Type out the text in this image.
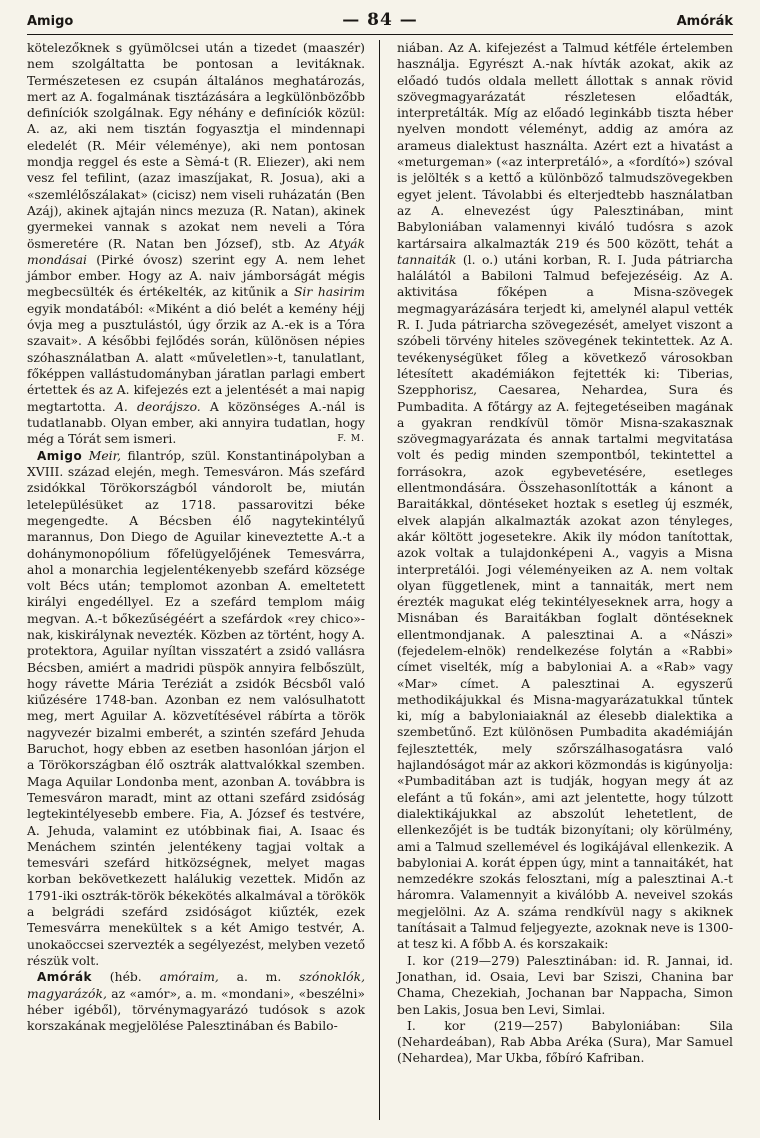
Amigo	— 84 —	Amórák

kötelezőknek s gyümölcsei után a tizedet (maaszér) nem szolgáltatta be pontosan a levitáknak. Természetesen ez csupán általános meghatározás, mert az A. fogalmának tisztázására a legkülönbözőbb definíciók szolgálnak. Egy néhány e definíciók közül: A. az, aki nem tisztán fogyasztja el mindennapi eledelét (R. Méir véleménye), aki nem pontosan mondja reggel és este a Sèmá-t (R. Eliezer), aki nem vesz fel tefilint, (azaz imaszíjakat, R. Josua), aki a «szemlélőszálakat» (cicisz) nem viseli ruházatán (Ben Azáj), akinek ajtaján nincs mezuza (R. Natan), akinek gyermekei vannak s azokat nem neveli a Tóra ösmeretére (R. Natan ben József), stb. Az Atyák mondásai (Pirké óvosz) szerint egy A. nem lehet jámbor ember. Hogy az A. naiv jámborságát mégis megbecsülték és értékelték, az kitűnik a Sir hasirim egyik mondatából: «Miként a dió belét a kemény héjj óvja meg a pusztulástól, úgy őrzik az A.-ek is a Tóra szavait». A későbbi fejlődés során, különösen népies szóhasználatban A. alatt «műveletlen»-t, tanulatlant, főképpen vallástudományban járatlan parlagi embert értettek és az A. kifejezés ezt a jelentését a mai napig megtartotta. A. deorájszo. A közönséges A.-nál is tudatlanabb. Olyan ember, aki annyira tudatlan, hogy még a Tórát sem ismeri.	F. M.

Amigo Meir, filantróp, szül. Konstantinápolyban a XVIII. század elején, megh. Temesváron. Más szefárd zsidókkal Törökországból vándorolt be, miután letelepülésüket az 1718. passarovitzi béke megengedte. A Bécsben élő nagytekintélyű marannus, Don Diego de Aguilar kineveztette A.-t a dohánymonopólium főfelügyelőjének Temesvárra, ahol a monarchia legjelentékenyebb szefárd községe volt Bécs után; templomot azonban A. emeltetett királyi engedéllyel. Ez a szefárd templom máig megvan. A.-t bőkezűségéért a szefárdok «rey chico»-nak, kiskirálynak nevezték. Közben az történt, hogy A. protektora, Aguilar nyíltan visszatért a zsidó vallásra Bécsben, amiért a madridi püspök annyira felbőszült, hogy rávette Mária Teréziát a zsidók Bécsből való kiűzésére 1748-ban. Azonban ez nem valósulhatott meg, mert Aguilar A. közvetítésével rábírta a török nagyvezér bizalmi emberét, a szintén szefárd Jehuda Baruchot, hogy ebben az esetben hasonlóan járjon el a Törökországban élő osztrák alattvalókkal szemben. Maga Aquilar Londonba ment, azonban A. továbbra is Temesváron maradt, mint az ottani szefárd zsidóság legtekintélyesebb embere. Fia, A. József és testvére, A. Jehuda, valamint ez utóbbinak fiai, A. Isaac és Menáchem szintén jelentékeny tagjai voltak a temesvári szefárd hitközségnek, melyet magas korban bekövetkezett halálukig vezettek. Midőn az 1791-iki osztrák-török békekötés alkalmával a törökök a belgrádi szefárd zsidóságot kiűzték, ezek Temesvárra menekültek s a két Amigo testvér, A. unokaöccsei szervezték a segélyezést, melyben vezető részük volt.

Amórák (héb. amóraim, a. m. szónoklók, magyarázók, az «amór», a. m. «mondani», «beszélni» héber igéből), törvénymagyarázó tudósok s azok korszakának megjelölése Palesztinában és Babilo-

niában. Az A. kifejezést a Talmud kétféle értelemben használja. Egyrészt A.-nak hívták azokat, akik az előadó tudós oldala mellett állottak s annak rövid szövegmagyarázatát részletesen előadták, interpretálták. Míg az előadó leginkább tiszta héber nyelven mondott véleményt, addig az amóra az arameus dialektust használta. Azért ezt a hivatást a «meturgeman» («az interpretáló», a «fordító») szóval is jelölték s a kettő a különböző talmudszövegekben egyet jelent. Távolabbi és elterjedtebb használatban az A. elnevezést úgy Palesztinában, mint Babyloniában valamennyi kiváló tudósra s azok kartársaira alkalmazták 219 és 500 között, tehát a tannaiták (l. o.) utáni korban, R. I. Juda pátriarcha halálától a Babiloni Talmud befejezéséig. Az A. aktivitása főképen a Misna-szövegek megmagyarázására terjedt ki, amelynél alapul vették R. I. Juda pátriarcha szövegezését, amelyet viszont a szóbeli törvény hiteles szövegének tekintettek. Az A. tevékenységüket főleg a következő városokban létesített akadémiákon fejtették ki: Tiberias, Szepphorisz, Caesarea, Nehardea, Sura és Pumbadita. A főtárgy az A. fejtegetéseiben magának a gyakran rendkívül tömör Misna-szakasznak szövegmagyarázata és annak tartalmi megvitatása volt és pedig minden szempontból, tekintettel a forrásokra, azok egybevetésére, esetleges ellentmondására. Összehasonlították a kánont a Baraitákkal, döntéseket hoztak s esetleg új eszmék, elvek alapján alkalmazták azokat azon tényleges, akár költött jogesetekre. Akik ily módon tanítottak, azok voltak a tulajdonképeni A., vagyis a Misna interpretálói. Jogi véleményeiken az A. nem voltak olyan függetlenek, mint a tannaiták, mert nem érezték magukat elég tekintélyeseknek arra, hogy a Misnában és Baraitákban foglalt döntéseknek ellentmondjanak. A palesztinai A. a «Nászi» (fejedelem-elnök) rendelkezése folytán a «Rabbi» címet viselték, míg a babyloniai A. a «Rab» vagy «Mar» címet. A palesztinai A. egyszerű methodikájukkal és Misna-magyarázatukkal tűntek ki, míg a babyloniaiaknál az élesebb dialektika a szembetűnő. Ezt különösen Pumbadita akadémiáján fejlesztették, mely szőrszálhasogatásra való hajlandóságot már az akkori közmondás is kigúnyolja: «Pumbaditában azt is tudják, hogyan megy át az elefánt a tű fokán», ami azt jelentette, hogy túlzott dialektikájukkal az abszolút lehetetlent, de ellenkezőjét is be tudták bizonyítani; oly körülmény, ami a Talmud szellemével és logikájával ellenkezik. A babyloniai A. korát éppen úgy, mint a tannaitákét, hat nemzedékre szokás felosztani, míg a palesztinai A.-t háromra. Valamennyit a kiválóbb A. neveivel szokás megjelölni. Az A. száma rendkívül nagy s akiknek tanításait a Talmud feljegyezte, azoknak neve is 1300-at tesz ki. A főbb A. és korszakaik:

I. kor (219—279) Palesztinában: id. R. Jannai, id. Jonathan, id. Osaia, Levi bar Sziszi, Chanina bar Chama, Chezekiah, Jochanan bar Nappacha, Simon ben Lakis, Josua ben Levi, Simlai.

I. kor (219—257) Babyloniában: Sila (Nehardeában), Rab Abba Aréka (Sura), Mar Samuel (Nehardea), Mar Ukba, főbíró Kafriban.
